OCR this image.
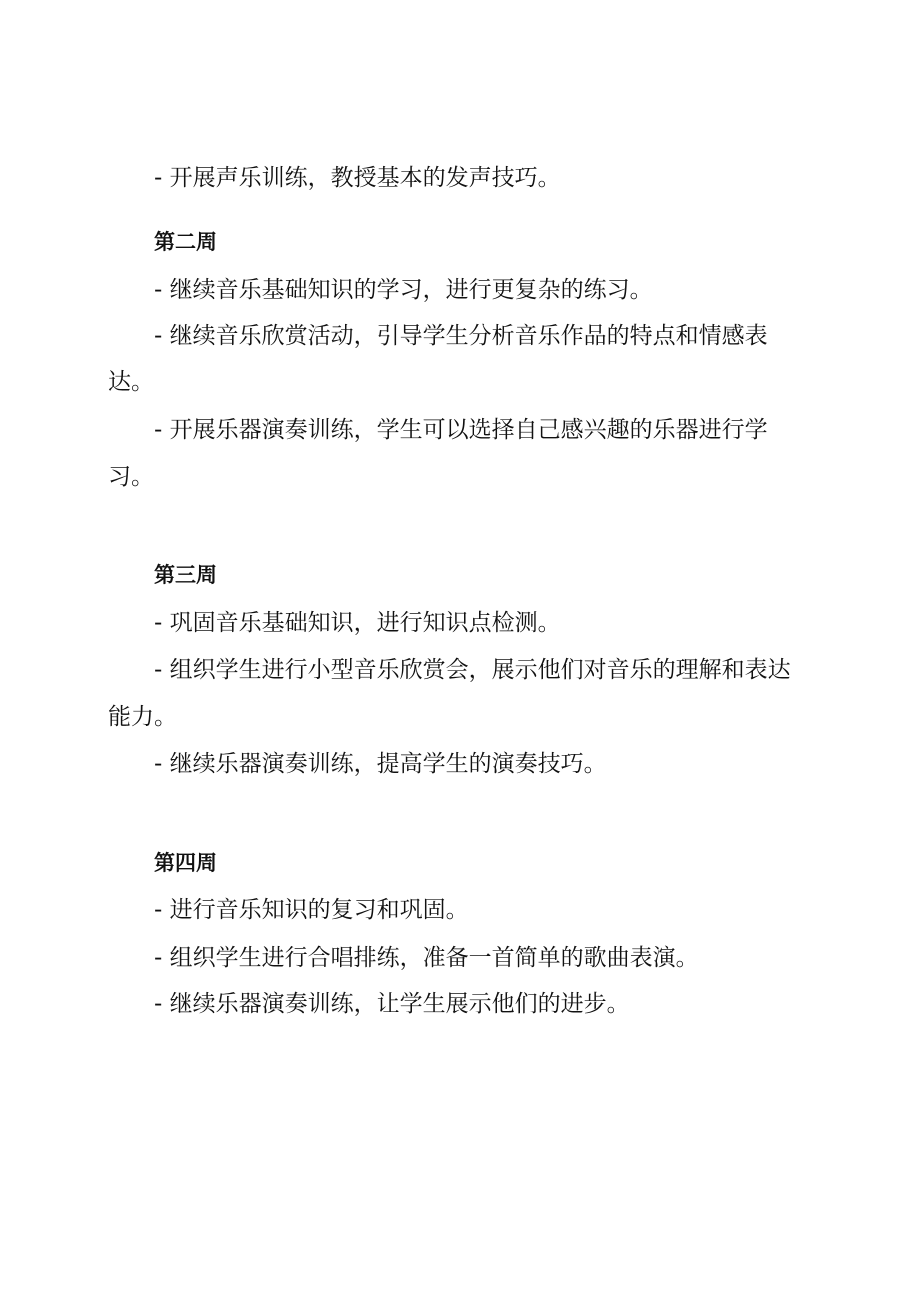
- 开展声乐训练，教授基本的发声技巧。
第二周
- 继续音乐基础知识的学习，进行更复杂的练习。
- 继续音乐欣赏活动，引导学生分析音乐作品的特点和情感表
达。
- 开展乐器演奏训练，学生可以选择自己感兴趣的乐器进行学
习。
第三周
- 巩固音乐基础知识，进行知识点检测。
- 组织学生进行小型音乐欣赏会，展示他们对音乐的理解和表达
能力。
- 继续乐器演奏训练，提高学生的演奏技巧。
第四周
- 进行音乐知识的复习和巩固。
- 组织学生进行合唱排练，准备一首简单的歌曲表演。
- 继续乐器演奏训练，让学生展示他们的进步。
